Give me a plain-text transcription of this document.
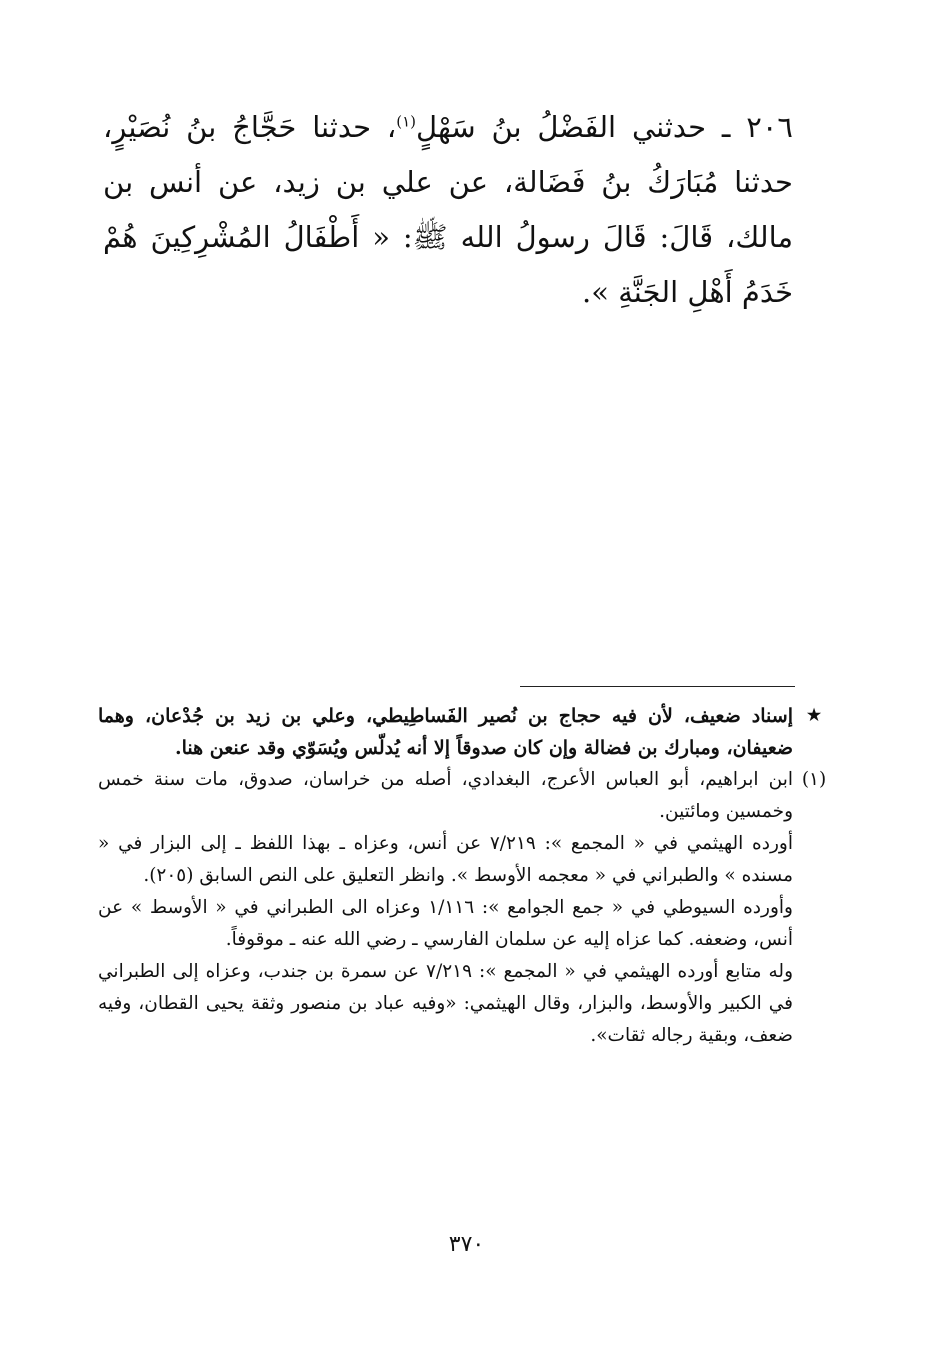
٢٠٦ ـ حدثني الفَضْلُ بنُ سَهْلٍ$^{(١)}$، حدثنا حَجَّاجُ بنُ نُصَيْرٍ، حدثنا مُبَارَكُ بنُ فَضَالة، عن علي بن زيد، عن أنس بن مالك، قَالَ: قَالَ رسولُ الله ﷺ: « أَطْفَالُ المُشْرِكِينَ هُمْ خَدَمُ أَهْلِ الجَنَّةِ ».
★

إسناد ضعيف، لأن فيه حجاج بن نُصير الفَساطِيطي، وعلي بن زيد بن جُدْعان، وهما ضعيفان، ومبارك بن فضالة وإن كان صدوقاً إلا أنه يُدلّس ويُسَوّي وقد عنعن هنا.

(١)

ابن ابراهيم، أبو العباس الأعرج، البغدادي، أصله من خراسان، صدوق، مات سنة خمس وخمسين ومائتين.

أورده الهيثمي في « المجمع »: ٧/٢١٩ عن أنس، وعزاه ـ بهذا اللفظ ـ إلى البزار في « مسنده » والطبراني في « معجمه الأوسط ». وانظر التعليق على النص السابق (٢٠٥).

وأورده السيوطي في « جمع الجوامع »: ١/١١٦ وعزاه الى الطبراني في « الأوسط » عن أنس، وضعفه. كما عزاه إليه عن سلمان الفارسي ـ رضي الله عنه ـ موقوفاً.

وله متابع أورده الهيثمي في « المجمع »: ٧/٢١٩ عن سمرة بن جندب، وعزاه إلى الطبراني في الكبير والأوسط، والبزار، وقال الهيثمي: «وفيه عباد بن منصور وثقة يحيى القطان، وفيه ضعف، وبقية رجاله ثقات».

٣٧٠
